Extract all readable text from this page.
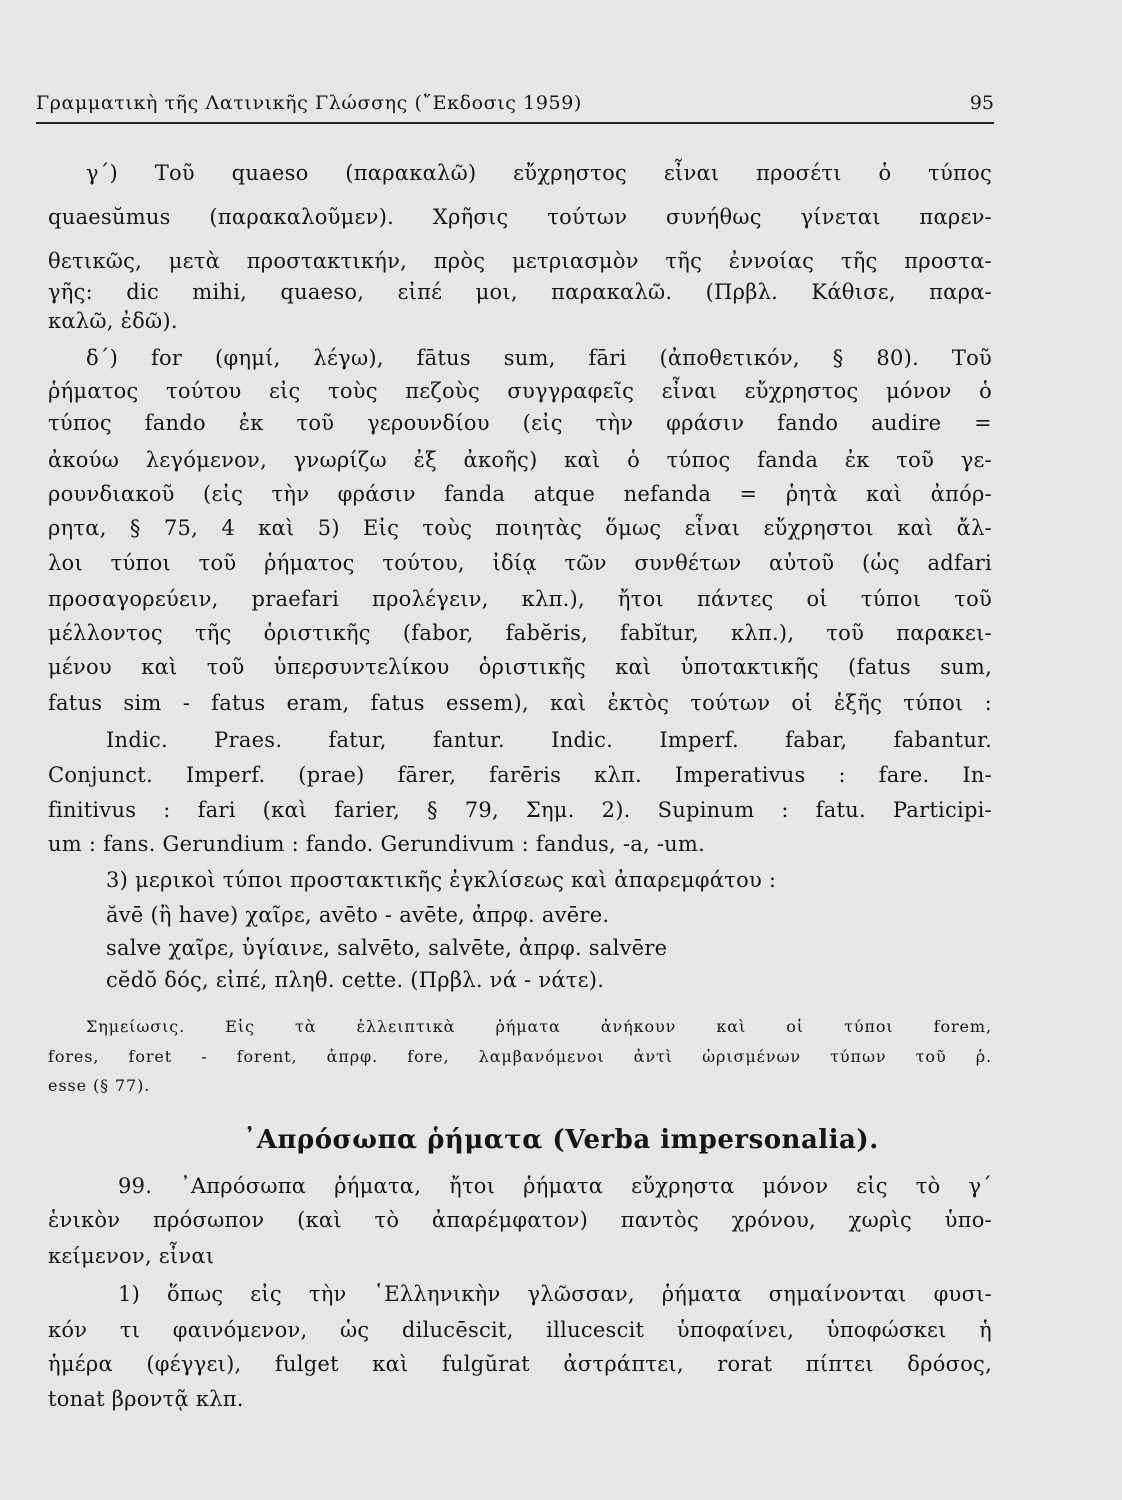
Γραμματικὴ τῆς Λατινικῆς Γλώσσης (῎Εκδοσις 1959)	95
γ΄) Τοῦ quaeso (παρακαλῶ) εὔχρηστος εἶναι προσέτι ὁ τύπος
quaesŭmus (παρακαλοῦμεν). Χρῆσις τούτων συνήθως γίνεται παρεν-
θετικῶς, μετὰ προστακτικήν, πρὸς μετριασμὸν τῆς ἐννοίας τῆς προστα-
γῆς: dic mihi, quaeso, εἰπέ μοι, παρακαλῶ. (Πρβλ. Κάθισε, παρα-
καλῶ, ἐδῶ).
δ΄) for (φημί, λέγω), fātus sum, fāri (ἀποθετικόν, § 80). Τοῦ
ῥήματος τούτου εἰς τοὺς πεζοὺς συγγραφεῖς εἶναι εὔχρηστος μόνον ὁ
τύπος fando ἐκ τοῦ γερουνδίου (εἰς τὴν φράσιν fando audire =
ἀκούω λεγόμενον, γνωρίζω ἐξ ἀκοῆς) καὶ ὁ τύπος fanda ἐκ τοῦ γε-
ρουνδιακοῦ (εἰς τὴν φράσιν fanda atque nefanda = ῥητὰ καὶ ἀπόρ-
ρητα, § 75, 4 καὶ 5) Εἰς τοὺς ποιητὰς ὅμως εἶναι εὔχρηστοι καὶ ἄλ-
λοι τύποι τοῦ ῥήματος τούτου, ἰδίᾳ τῶν συνθέτων αὐτοῦ (ὡς adfari
προσαγορεύειν, praefari προλέγειν, κλπ.), ἤτοι πάντες οἱ τύποι τοῦ
μέλλοντος τῆς ὁριστικῆς (fabor, fabĕris, fabĭtur, κλπ.), τοῦ παρακει-
μένου καὶ τοῦ ὑπερσυντελίκου ὁριστικῆς καὶ ὑποτακτικῆς (fatus sum,
fatus sim - fatus eram, fatus essem), καὶ ἐκτὸς τούτων οἱ ἑξῆς τύποι :
Indic. Praes. fatur, fantur. Indic. Imperf. fabar, fabantur.
Conjunct. Imperf. (prae) fārer, farēris κλπ. Imperativus : fare. In-
finitivus : fari (καὶ farier, § 79, Σημ. 2). Supinum : fatu. Participi-
um : fans. Gerundium : fando. Gerundivum : fandus, -a, -um.
3) μερικοὶ τύποι προστακτικῆς ἐγκλίσεως καὶ ἀπαρεμφάτου :
ăvē (ἢ have) χαῖρε, avēto - avēte, ἀπρφ. avēre.
salve χαῖρε, ὑγίαινε, salvēto, salvēte, ἀπρφ. salvēre
cĕdŏ δός, εἰπέ, πληθ. cette. (Πρβλ. νά - νάτε).
Σημείωσις. Εἰς τὰ ἐλλειπτικὰ ῥήματα ἀνήκουν καὶ οἱ τύποι forem,
fores, foret - forent, ἀπρφ. fore, λαμβανόμενοι ἀντὶ ὡρισμένων τύπων τοῦ ῥ.
esse (§ 77).
᾿Απρόσωπα ῥήματα (Verba impersonalia).
99. ᾿Απρόσωπα ῥήματα, ἤτοι ῥήματα εὔχρηστα μόνον εἰς τὸ γ΄
ἑνικὸν πρόσωπον (καὶ τὸ ἀπαρέμφατον) παντὸς χρόνου, χωρὶς ὑπο-
κείμενον, εἶναι
1) ὅπως εἰς τὴν ῾Ελληνικὴν γλῶσσαν, ῥήματα σημαίνονται φυσι-
κόν τι φαινόμενον, ὡς dilucēscit, illucescit ὑποφαίνει, ὑποφώσκει ἡ
ἡμέρα (φέγγει), fulget καὶ fulgŭrat ἀστράπτει, rorat πίπτει δρόσος,
tonat βροντᾷ κλπ.
